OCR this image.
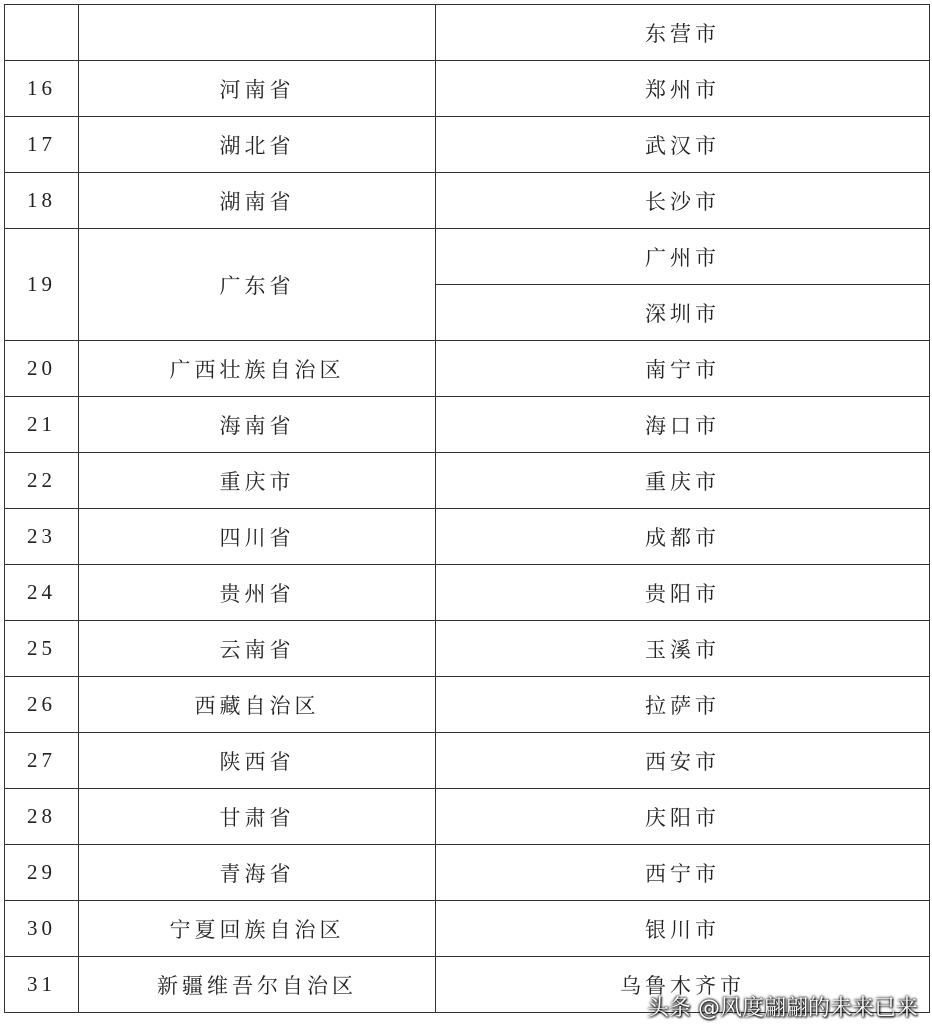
		东营市
16	河南省	郑州市
17	湖北省	武汉市
18	湖南省	长沙市
19	广东省	广州市
		深圳市
20	广西壮族自治区	南宁市
21	海南省	海口市
22	重庆市	重庆市
23	四川省	成都市
24	贵州省	贵阳市
25	云南省	玉溪市
26	西藏自治区	拉萨市
27	陕西省	西安市
28	甘肃省	庆阳市
29	青海省	西宁市
30	宁夏回族自治区	银川市
31	新疆维吾尔自治区	乌鲁木齐市
头条 @风度翩翩的未来已来
